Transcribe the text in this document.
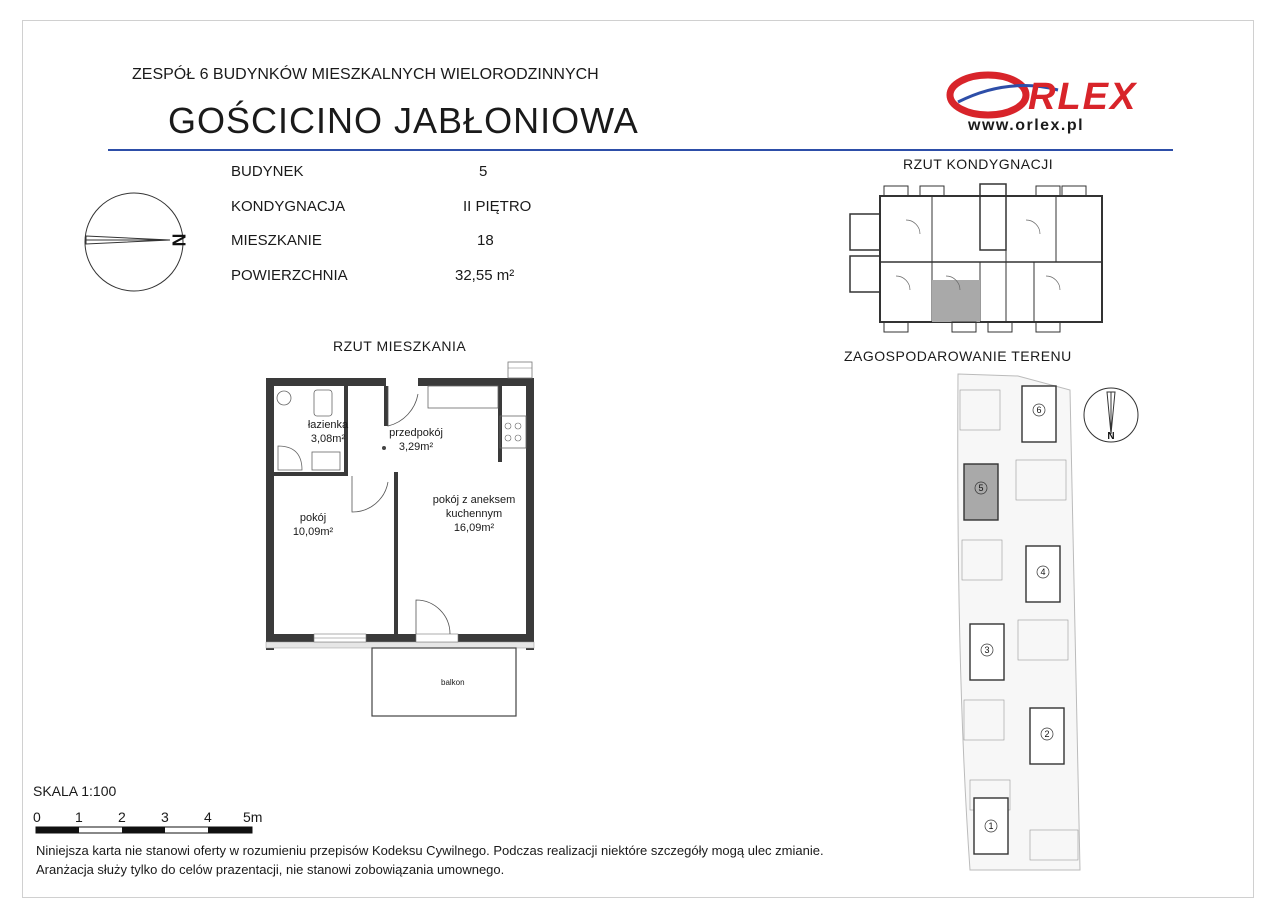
ZESPÓŁ 6 BUDYNKÓW MIESZKALNYCH WIELORODZINNYCH
GOŚCICINO JABŁONIOWA
RLEX
www.orlex.pl
N
BUDYNEK	5
KONDYGNACJA	II PIĘTRO
MIESZKANIE	18
POWIERZCHNIA	32,55 m²
RZUT MIESZKANIA
łazienka
3,08m²	przedpokój
3,29m²
pokój
10,09m²
pokój z aneksem
kuchennym
16,09m²
balkon
RZUT KONDYGNACJI
ZAGOSPODAROWANIE TERENU
6
5
4
3
2
1
N
SKALA 1:100
0 1	2	3	4 5m
Niniejsza karta nie stanowi oferty w rozumieniu przepisów Kodeksu Cywilnego. Podczas realizacji niektóre szczegóły mogą ulec zmianie.
Aranżacja służy tylko do celów prazentacji, nie stanowi zobowiązania umownego.
